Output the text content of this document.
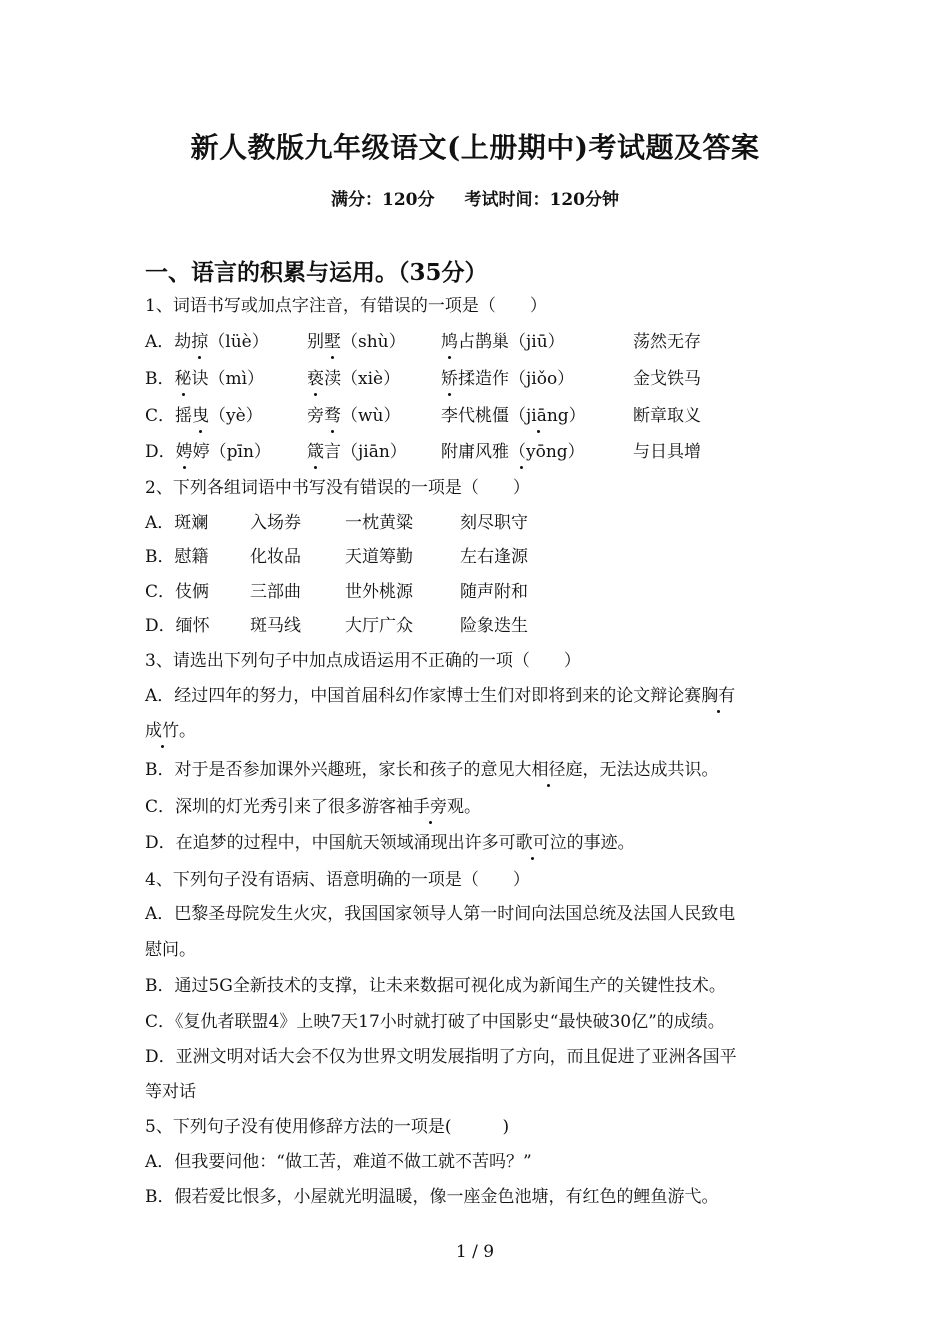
新人教版九年级语文(上册期中)考试题及答案
满分：120分 考试时间：120分钟
一、语言的积累与运用。（35分）
1、词语书写或加点字注音，有错误的一项是（　　）
A．劫掠（lüè） 别墅（shù） 鸠占鹊巢（jiū）	荡然无存
B．秘诀（mì）	亵渎（xiè） 矫揉造作（jiǒo）	金戈铁马
C．摇曳（yè）	旁骛（wù） 李代桃僵（jiāng）	断章取义
D．娉婷（pīn） 箴言（jiān） 附庸风雅（yōng）	与日具增
2、下列各组词语中书写没有错误的一项是（　　）
A．斑斓 入场券	一枕黄粱	刻尽职守
B．慰籍 化妆品	天道筹勤	左右逢源
C．伎俩 三部曲	世外桃源	随声附和
D．缅怀 斑马线	大厅广众	险象迭生
3、请选出下列句子中加点成语运用不正确的一项（　　）
A．经过四年的努力，中国首届科幻作家博士生们对即将到来的论文辩论赛胸有
成竹。
B．对于是否参加课外兴趣班，家长和孩子的意见大相径庭，无法达成共识。
C．深圳的灯光秀引来了很多游客袖手旁观。
D．在追梦的过程中，中国航天领域涌现出许多可歌可泣的事迹。
4、下列句子没有语病、语意明确的一项是（　　）
A．巴黎圣母院发生火灾，我国国家领导人第一时间向法国总统及法国人民致电
慰问。
B．通过5G全新技术的支撑，让未来数据可视化成为新闻生产的关键性技术。
C．《复仇者联盟4》上映7天17小时就打破了中国影史“最快破30亿”的成绩。
D．亚洲文明对话大会不仅为世界文明发展指明了方向，而且促进了亚洲各国平
等对话
5、下列句子没有使用修辞方法的一项是(　　　)
A．但我要问他：“做工苦，难道不做工就不苦吗？”
B．假若爱比恨多，小屋就光明温暖，像一座金色池塘，有红色的鲤鱼游弋。
1 / 9
